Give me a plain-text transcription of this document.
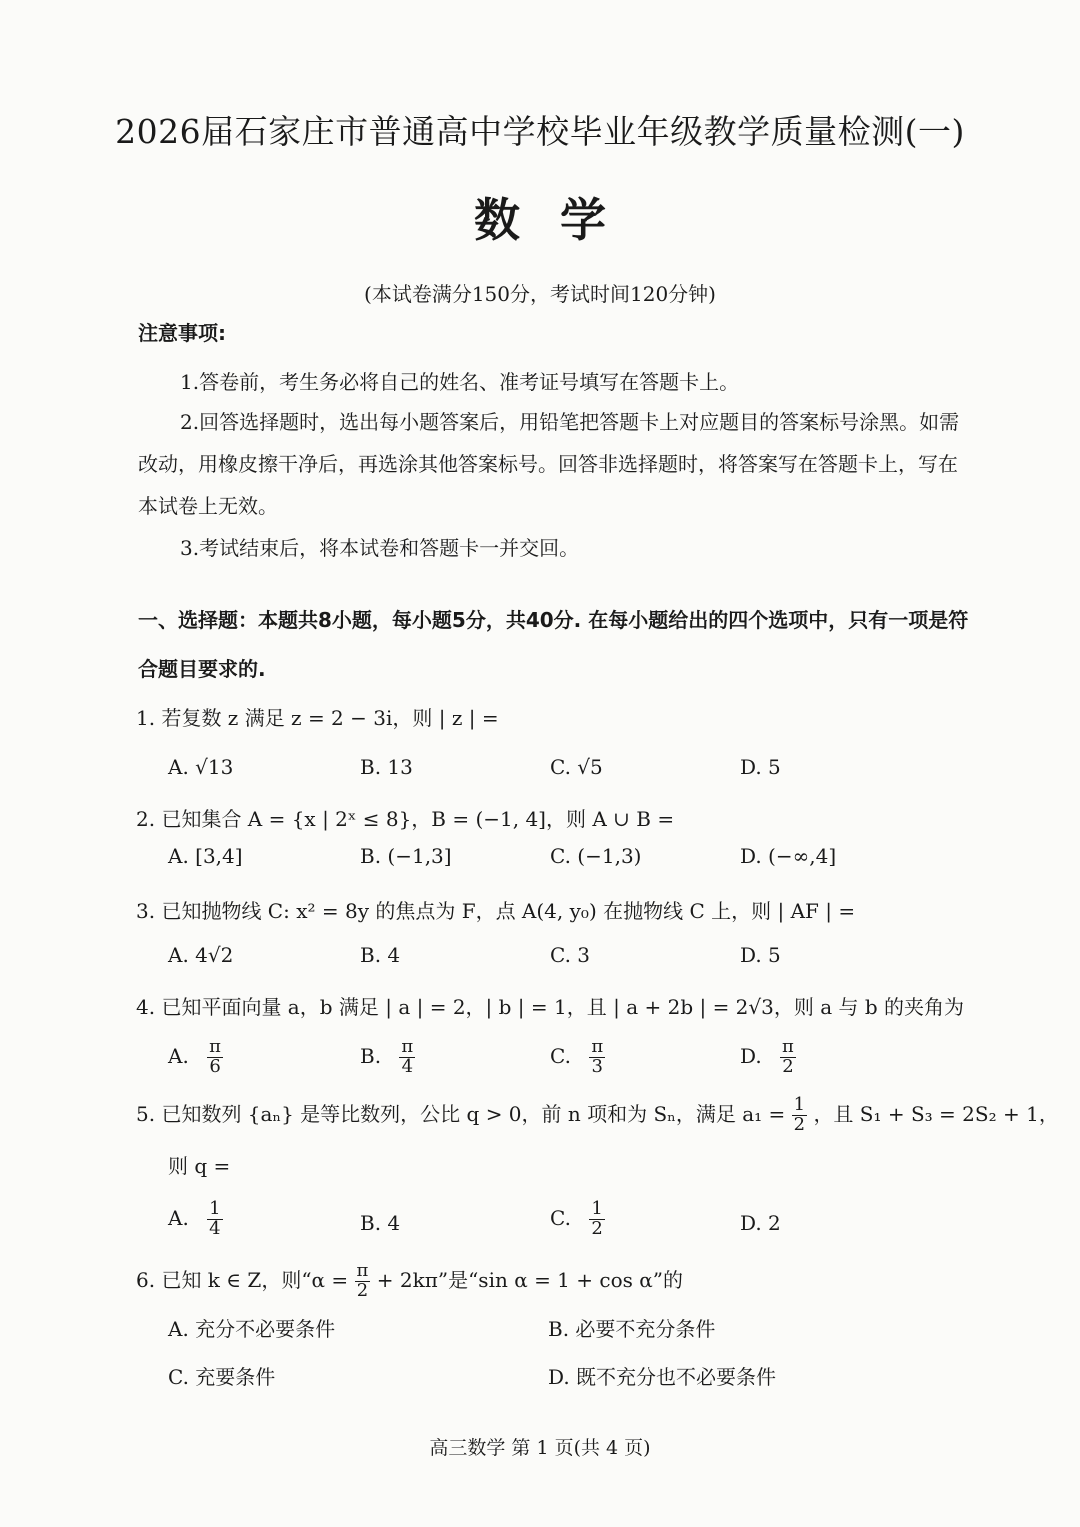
2026届石家庄市普通高中学校毕业年级教学质量检测(一)
数学
(本试卷满分150分，考试时间120分钟)
注意事项:
1.答卷前，考生务必将自己的姓名、准考证号填写在答题卡上。
2.回答选择题时，选出每小题答案后，用铅笔把答题卡上对应题目的答案标号涂黑。如需
改动，用橡皮擦干净后，再选涂其他答案标号。回答非选择题时，将答案写在答题卡上，写在
本试卷上无效。
3.考试结束后，将本试卷和答题卡一并交回。
一、选择题：本题共8小题，每小题5分，共40分. 在每小题给出的四个选项中，只有一项是符
合题目要求的.
1. 若复数 z 满足 z = 2 − 3i，则 | z | =
A. √13	B. 13	C. √5	D. 5
2. 已知集合 A = {x | 2ˣ ≤ 8}，B = (−1, 4]，则 A ∪ B =
A. [3,4]	B. (−1,3]	C. (−1,3)	D. (−∞,4]
3. 已知抛物线 C: x² = 8y 的焦点为 F，点 A(4, y₀) 在抛物线 C 上，则 | AF | =
A. 4√2	B. 4	C. 3	D. 5
4. 已知平面向量 a，b 满足 | a | = 2，| b | = 1，且 | a + 2b | = 2√3，则 a 与 b 的夹角为
A. $\frac{\pi}{6}$	B. $\frac{\pi}{4}$	C. $\frac{\pi}{3}$	D. $\frac{\pi}{2}$
5. 已知数列 {aₙ} 是等比数列，公比 q > 0，前 n 项和为 Sₙ，满足 $a_1 = \frac{1}{2}$ ，且 S₁ + S₃ = 2S₂ + 1，
则 q =
A. $\frac{1}{4}$	B. 4	C. $\frac{1}{2}$	D. 2
6. 已知 k ∈ Z，则“$\alpha = \frac{\pi}{2} + 2k\pi$”是“sin α = 1 + cos α”的
A. 充分不必要条件	B. 必要不充分条件
C. 充要条件	D. 既不充分也不必要条件
高三数学 第 1 页(共 4 页)
